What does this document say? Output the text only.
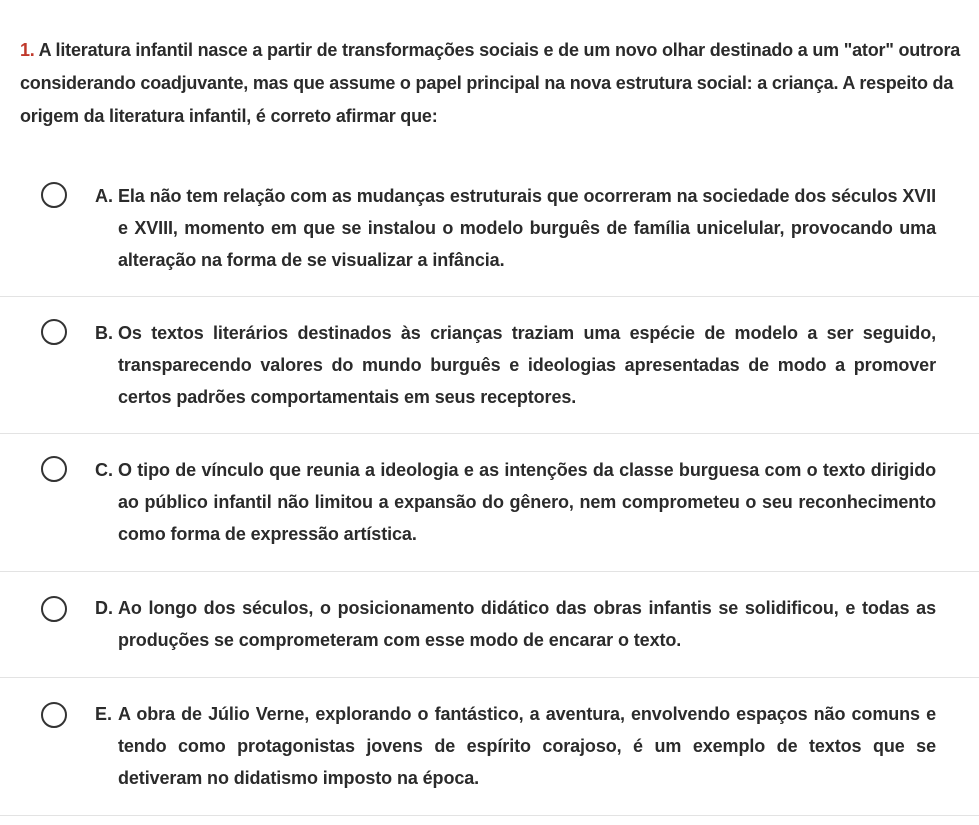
1. A literatura infantil nasce a partir de transformações sociais e de um novo olhar destinado a um "ator" outrora considerando coadjuvante, mas que assume o papel principal na nova estrutura social: a criança. A respeito da origem da literatura infantil, é correto afirmar que:
A. Ela não tem relação com as mudanças estruturais que ocorreram na sociedade dos séculos XVII e XVIII, momento em que se instalou o modelo burguês de família unicelular, provocando uma alteração na forma de se visualizar a infância.
B. Os textos literários destinados às crianças traziam uma espécie de modelo a ser seguido, transparecendo valores do mundo burguês e ideologias apresentadas de modo a promover certos padrões comportamentais em seus receptores.
C. O tipo de vínculo que reunia a ideologia e as intenções da classe burguesa com o texto dirigido ao público infantil não limitou a expansão do gênero, nem comprometeu o seu reconhecimento como forma de expressão artística.
D. Ao longo dos séculos, o posicionamento didático das obras infantis se solidificou, e todas as produções se comprometeram com esse modo de encarar o texto.
E. A obra de Júlio Verne, explorando o fantástico, a aventura, envolvendo espaços não comuns e tendo como protagonistas jovens de espírito corajoso, é um exemplo de textos que se detiveram no didatismo imposto na época.
